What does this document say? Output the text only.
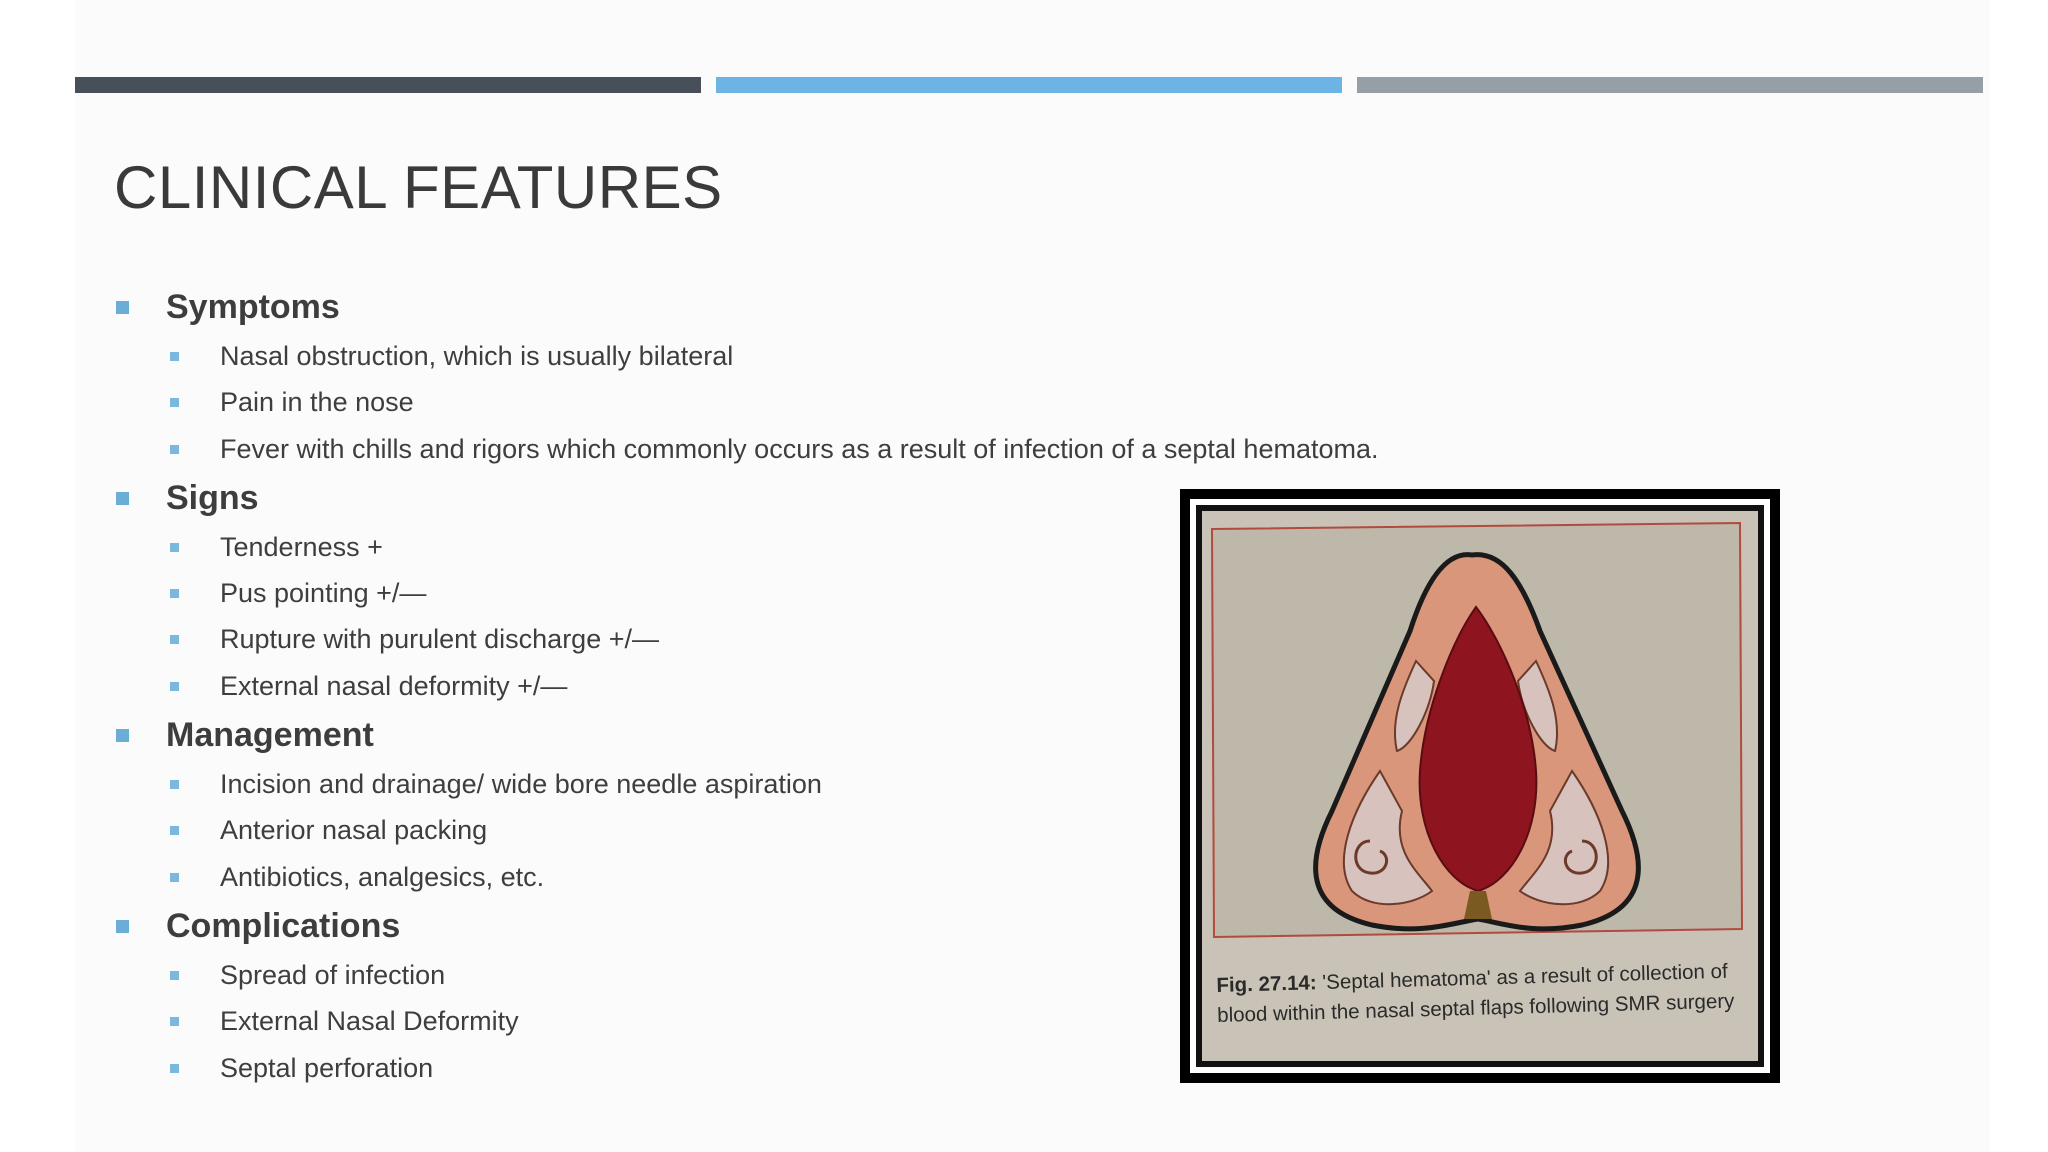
CLINICAL FEATURES
Symptoms
Nasal obstruction, which is usually bilateral
Pain in the nose
Fever with chills and rigors which commonly occurs as a result of infection of a septal hematoma.
Signs
Tenderness +
Pus pointing +/—
Rupture with purulent discharge +/—
External nasal deformity +/—
Management
Incision and drainage/ wide bore needle aspiration
Anterior nasal packing
Antibiotics, analgesics, etc.
Complications
Spread of infection
External Nasal Deformity
Septal perforation
Fig. 27.14: 'Septal hematoma' as a result of collection of blood within the nasal septal flaps following SMR surgery
